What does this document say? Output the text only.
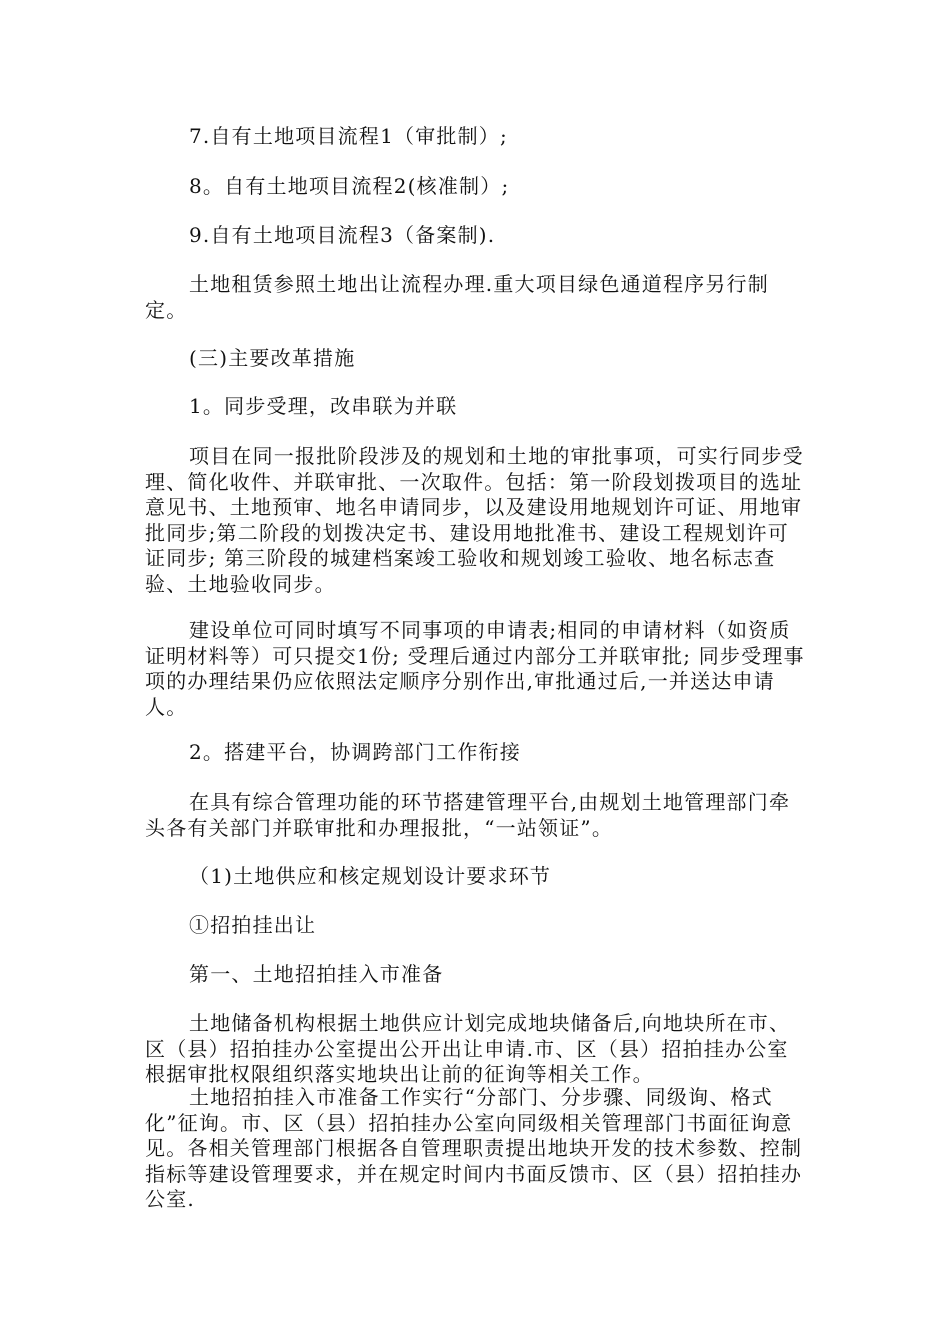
7.自有土地项目流程1（审批制）;

8。自有土地项目流程2(核准制）;

9.自有土地项目流程3（备案制).

土地租赁参照土地出让流程办理.重大项目绿色通道程序另行制定。

(三)主要改革措施

1。同步受理，改串联为并联

项目在同一报批阶段涉及的规划和土地的审批事项，可实行同步受理、简化收件、并联审批、一次取件。包括：第一阶段划拨项目的选址意见书、土地预审、地名申请同步，以及建设用地规划许可证、用地审批同步;第二阶段的划拨决定书、建设用地批准书、建设工程规划许可证同步; 第三阶段的城建档案竣工验收和规划竣工验收、地名标志查验、土地验收同步。

建设单位可同时填写不同事项的申请表;相同的申请材料（如资质证明材料等）可只提交1份; 受理后通过内部分工并联审批; 同步受理事项的办理结果仍应依照法定顺序分别作出,审批通过后,一并送达申请人。

2。搭建平台，协调跨部门工作衔接

在具有综合管理功能的环节搭建管理平台,由规划土地管理部门牵头各有关部门并联审批和办理报批，“一站领证”。

（1)土地供应和核定规划设计要求环节

①招拍挂出让

第一、土地招拍挂入市准备

土地储备机构根据土地供应计划完成地块储备后,向地块所在市、区（县）招拍挂办公室提出公开出让申请.市、区（县）招拍挂办公室根据审批权限组织落实地块出让前的征询等相关工作。

土地招拍挂入市准备工作实行“分部门、分步骤、同级询、格式化”征询。市、区（县）招拍挂办公室向同级相关管理部门书面征询意见。各相关管理部门根据各自管理职责提出地块开发的技术参数、控制指标等建设管理要求，并在规定时间内书面反馈市、区（县）招拍挂办公室.
